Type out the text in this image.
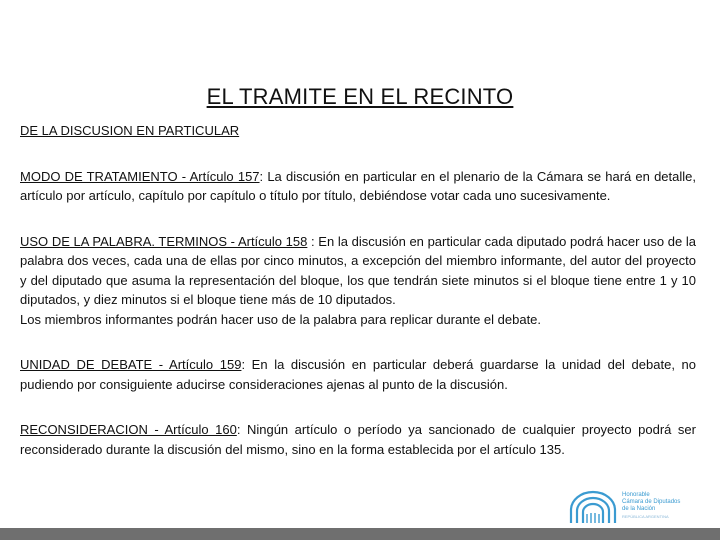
EL TRAMITE EN EL RECINTO

DE LA DISCUSION EN PARTICULAR

MODO DE TRATAMIENTO - Artículo 157: La discusión en particular en el plenario de la Cámara se hará en detalle, artículo por artículo, capítulo por capítulo o título por título, debiéndose votar cada uno sucesivamente.

USO DE LA PALABRA. TERMINOS - Artículo 158 : En la discusión en particular cada diputado podrá hacer uso de la palabra dos veces, cada una de ellas por cinco minutos, a excepción del miembro informante, del autor del proyecto y del diputado que asuma la representación del bloque, los que tendrán siete minutos si el bloque tiene entre 1 y 10 diputados, y diez minutos si el bloque tiene más de 10 diputados.

Los miembros informantes podrán hacer uso de la palabra para replicar durante el debate.

UNIDAD DE DEBATE - Artículo 159: En la discusión en particular deberá guardarse la unidad del debate, no pudiendo por consiguiente aducirse consideraciones ajenas al punto de la discusión.

RECONSIDERACION - Artículo 160: Ningún artículo o período ya sancionado de cualquier proyecto podrá ser reconsiderado durante la discusión del mismo, sino en la forma establecida por el artículo 135.

Honorable
Cámara de Diputados
de la Nación
REPÚBLICA ARGENTINA
